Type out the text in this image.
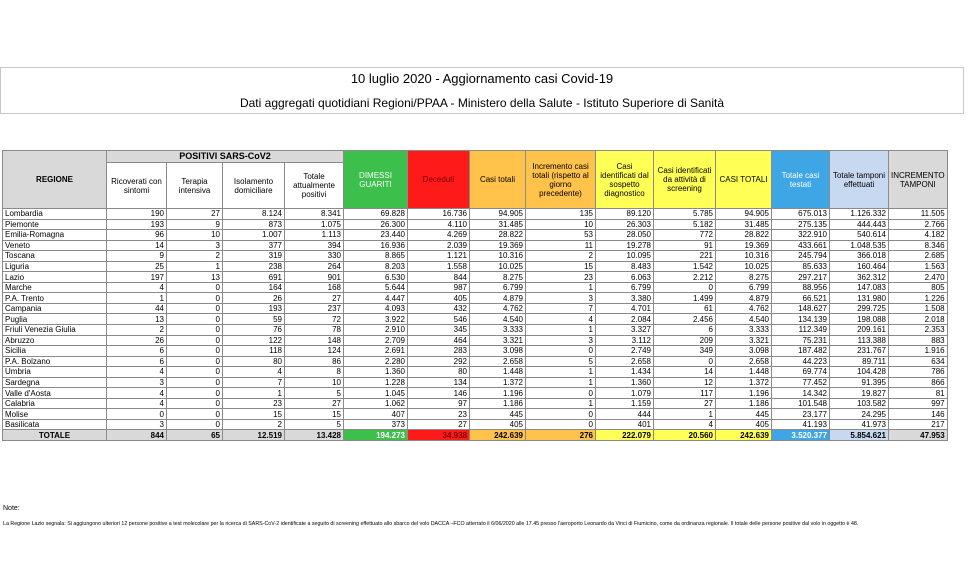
10 luglio 2020 - Aggiornamento casi Covid-19
Dati aggregati quotidiani Regioni/PPAA - Ministero della Salute - Istituto Superiore di Sanità
REGIONE	POSITIVI SARS-CoV2				DIMESSI GUARITI	Deceduti	Casi totali	Incremento casi totali (rispetto al giorno precedente)	Casi identificati dal sospetto diagnostico	Casi identificati da attività di screening	CASI TOTALI	Totale casi testati	Totale tamponi effettuati	INCREMENTO TAMPONI
	Ricoverati con sintomi	Terapia intensiva	Isolamento domiciliare	Totale attualmente positivi										
Lombardia	190	27	8.124	8.341	69.828	16.736	94.905	135	89.120	5.785	94.905	675.013	1.126.332	11.505
Piemonte	193	9	873	1.075	26.300	4.110	31.485	10	26.303	5.182	31.485	275.135	444.443	2.766
Emilia-Romagna	96	10	1.007	1.113	23.440	4.269	28.822	53	28.050	772	28.822	322.910	540.614	4.182
Veneto	14	3	377	394	16.936	2.039	19.369	11	19.278	91	19.369	433.661	1.048.535	8.346
Toscana	9	2	319	330	8.865	1.121	10.316	2	10.095	221	10.316	245.794	366.018	2.685
Liguria	25	1	238	264	8.203	1.558	10.025	15	8.483	1.542	10.025	85.633	160.464	1.563
Lazio	197	13	691	901	6.530	844	8.275	23	6.063	2.212	8.275	297.217	362.312	2.470
Marche	4	0	164	168	5.644	987	6.799	1	6.799	0	6.799	88.956	147.083	805
P.A. Trento	1	0	26	27	4.447	405	4.879	3	3.380	1.499	4.879	66.521	131.980	1.226
Campania	44	0	193	237	4.093	432	4.762	7	4.701	61	4.762	148.627	299.725	1.508
Puglia	13	0	59	72	3.922	546	4.540	4	2.084	2.456	4.540	134.139	198.088	2.018
Friuli Venezia Giulia	2	0	76	78	2.910	345	3.333	1	3.327	6	3.333	112.349	209.161	2.353
Abruzzo	26	0	122	148	2.709	464	3.321	3	3.112	209	3.321	75.231	113.388	883
Sicilia	6	0	118	124	2.691	283	3.098	0	2.749	349	3.098	187.482	231.767	1.916
P.A. Bolzano	6	0	80	86	2.280	292	2.658	5	2.658	0	2.658	44.223	89.711	634
Umbria	4	0	4	8	1.360	80	1.448	1	1.434	14	1.448	69.774	104.428	786
Sardegna	3	0	7	10	1.228	134	1.372	1	1.360	12	1.372	77.452	91.395	866
Valle d'Aosta	4	0	1	5	1.045	146	1.196	0	1.079	117	1.196	14.342	19.827	81
Calabria	4	0	23	27	1.062	97	1.186	1	1.159	27	1.186	101.548	103.582	997
Molise	0	0	15	15	407	23	445	0	444	1	445	23.177	24.295	146
Basilicata	3	0	2	5	373	27	405	0	401	4	405	41.193	41.973	217
TOTALE	844	65	12.519	13.428	194.273	34.938	242.639	276	222.079	20.560	242.639	3.520.377	5.854.621	47.953
Note:
La Regione Lazio segnala: Si aggiungono ulteriori 12 persone positive a test molecolare per la ricerca di SARS-CoV-2 identificate a seguito di screening effettuato allo sbarco del volo DACCA –FCO atterrato il 6/06/2020 alle 17.45 presso l'aeroporto Leonardo da Vinci di Fiumicino, come da ordinanza regionale. Il totale delle persone positive dal volo in oggetto è 48.
